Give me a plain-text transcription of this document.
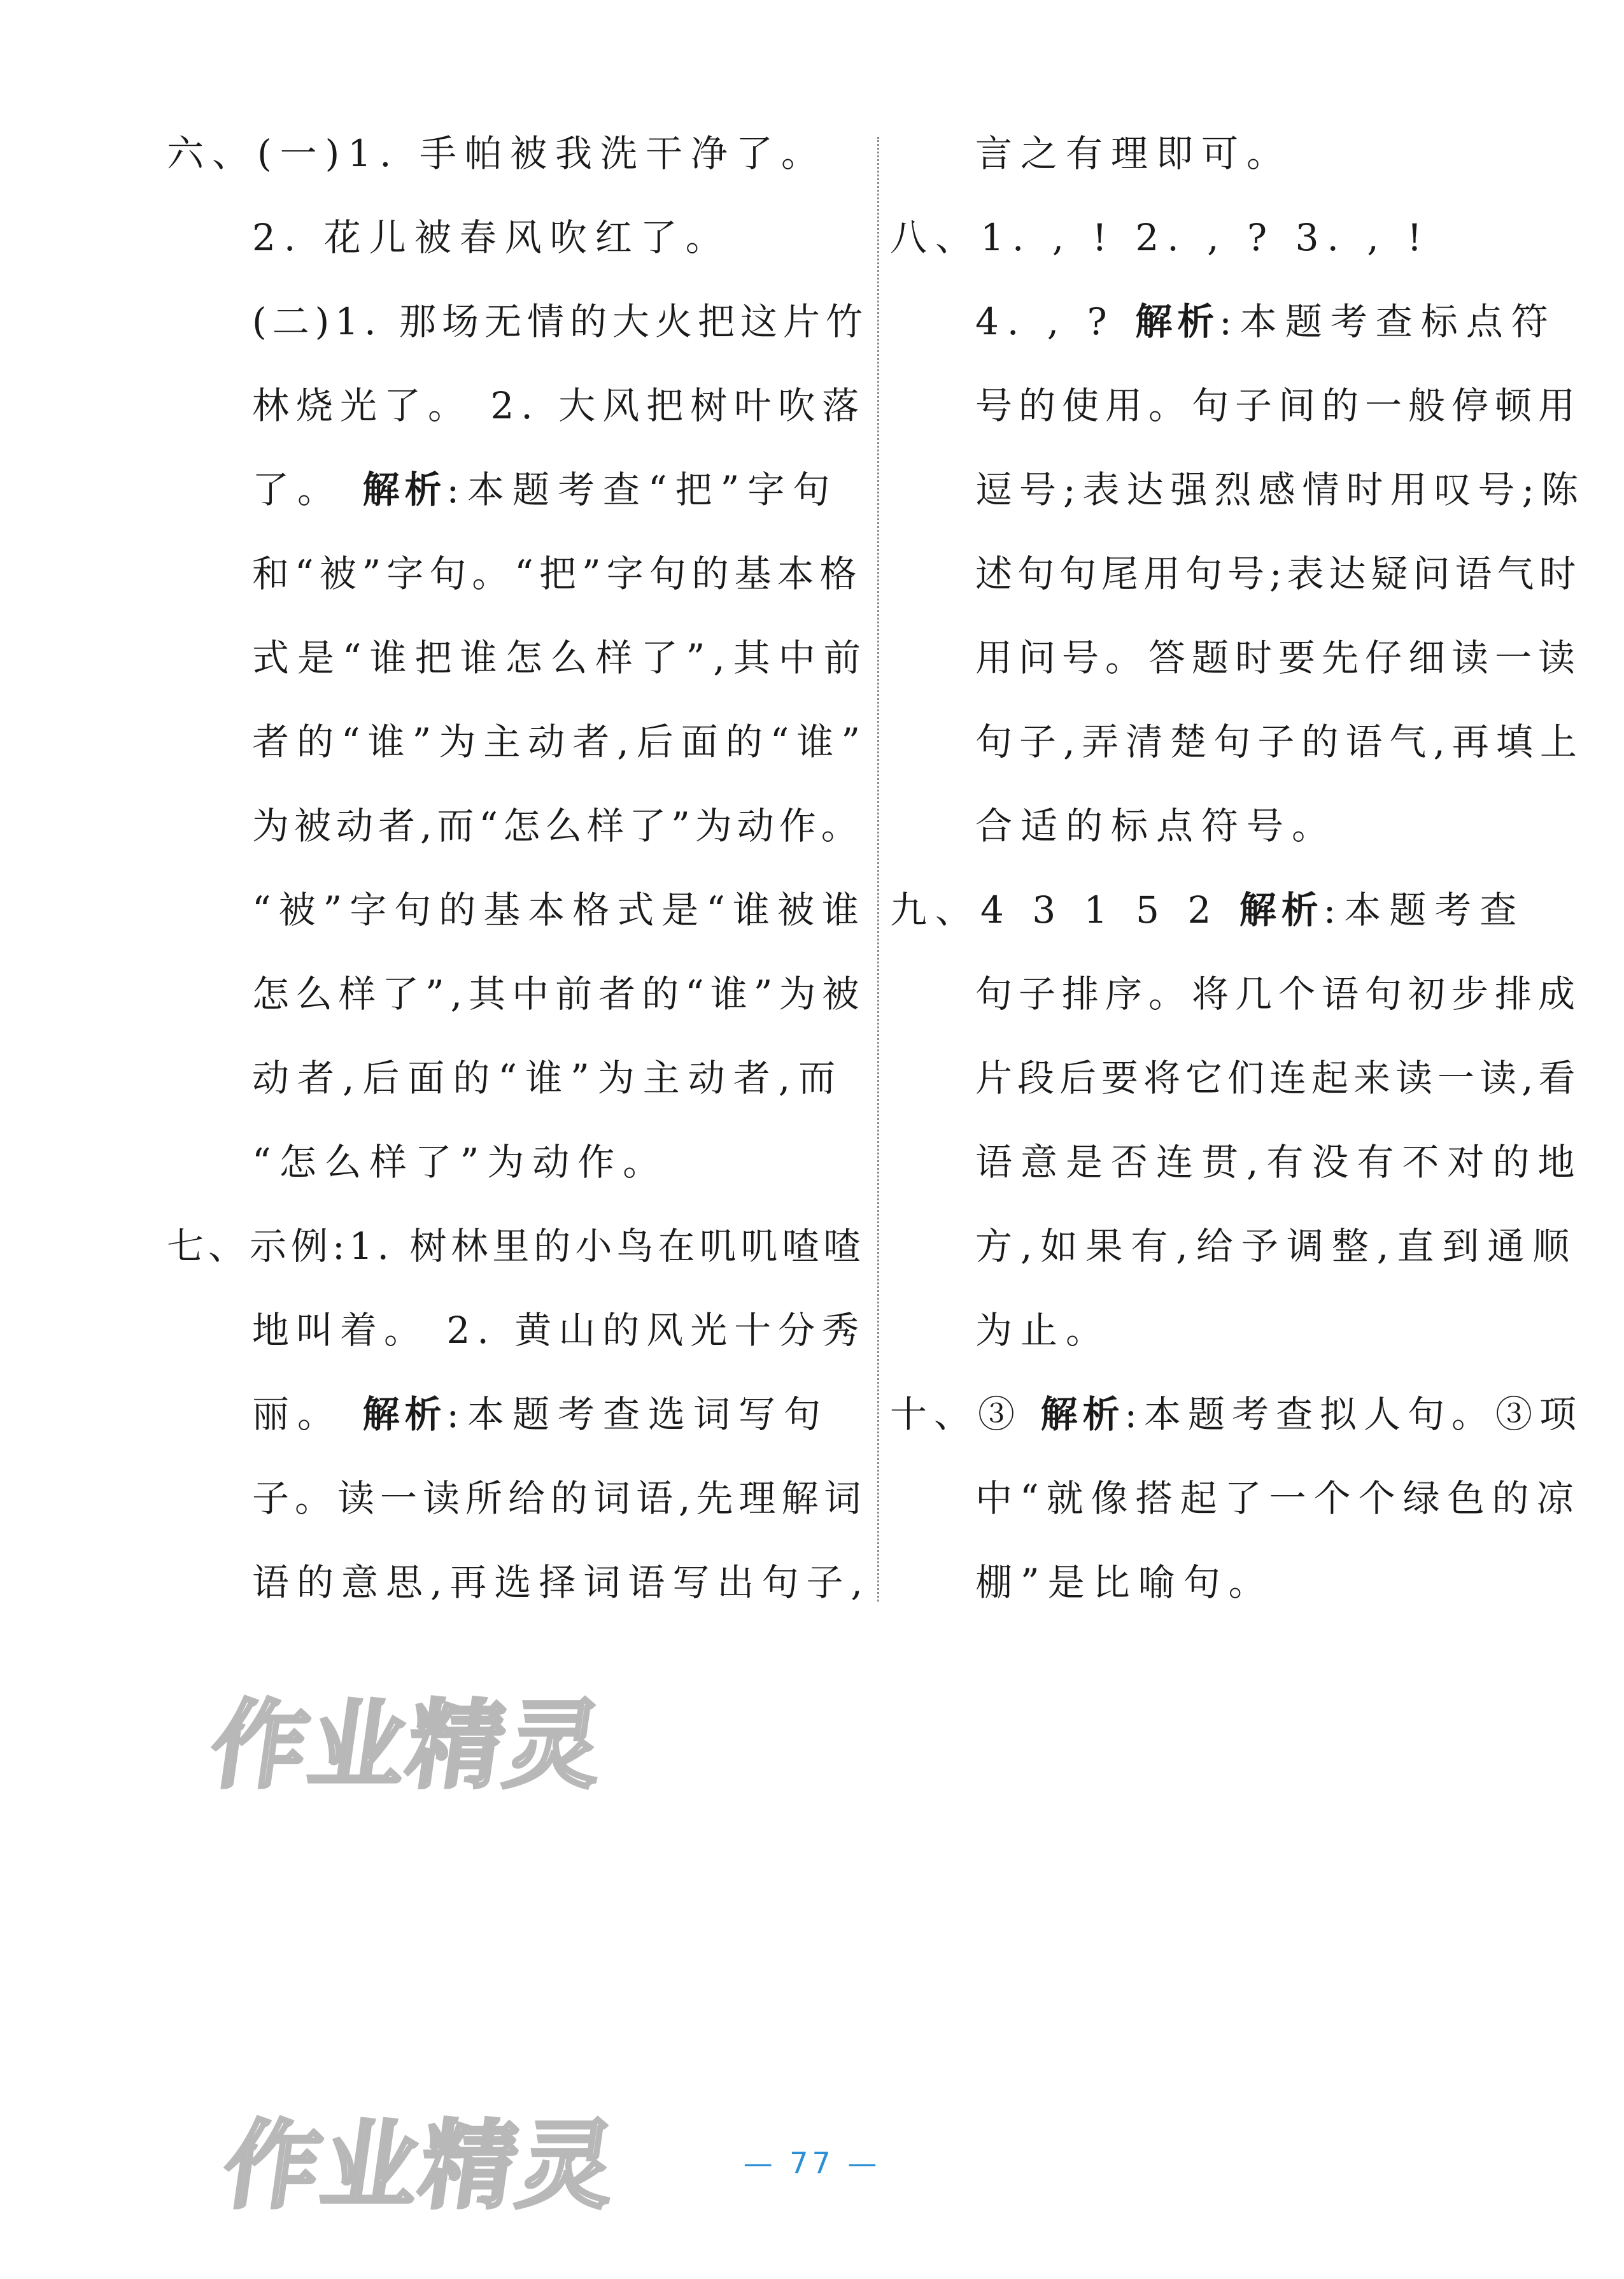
六、(一)1. 手帕被我洗干净了。
2. 花儿被春风吹红了。
(二)1. 那场无情的大火把这片竹
林烧光了。 2. 大风把树叶吹落
了。 解析:本题考查“把”字句
和“被”字句。“把”字句的基本格
式是“谁把谁怎么样了”,其中前
者的“谁”为主动者,后面的“谁”
为被动者,而“怎么样了”为动作。
“被”字句的基本格式是“谁被谁
怎么样了”,其中前者的“谁”为被
动者,后面的“谁”为主动者,而
“怎么样了”为动作。
七、示例:1. 树林里的小鸟在叽叽喳喳
地叫着。 2. 黄山的风光十分秀
丽。 解析:本题考查选词写句
子。读一读所给的词语,先理解词
语的意思,再选择词语写出句子,
言之有理即可。
八、1. , ! 2. , ? 3. , !
4. , ? 解析:本题考查标点符
号的使用。句子间的一般停顿用
逗号;表达强烈感情时用叹号;陈
述句句尾用句号;表达疑问语气时
用问号。答题时要先仔细读一读
句子,弄清楚句子的语气,再填上
合适的标点符号。
九、4 3 1 5 2 解析:本题考查
句子排序。将几个语句初步排成
片段后要将它们连起来读一读,看
语意是否连贯,有没有不对的地
方,如果有,给予调整,直到通顺
为止。
十、③ 解析:本题考查拟人句。③项
中“就像搭起了一个个绿色的凉
棚”是比喻句。
作业精灵
作业精灵	— 77 —
